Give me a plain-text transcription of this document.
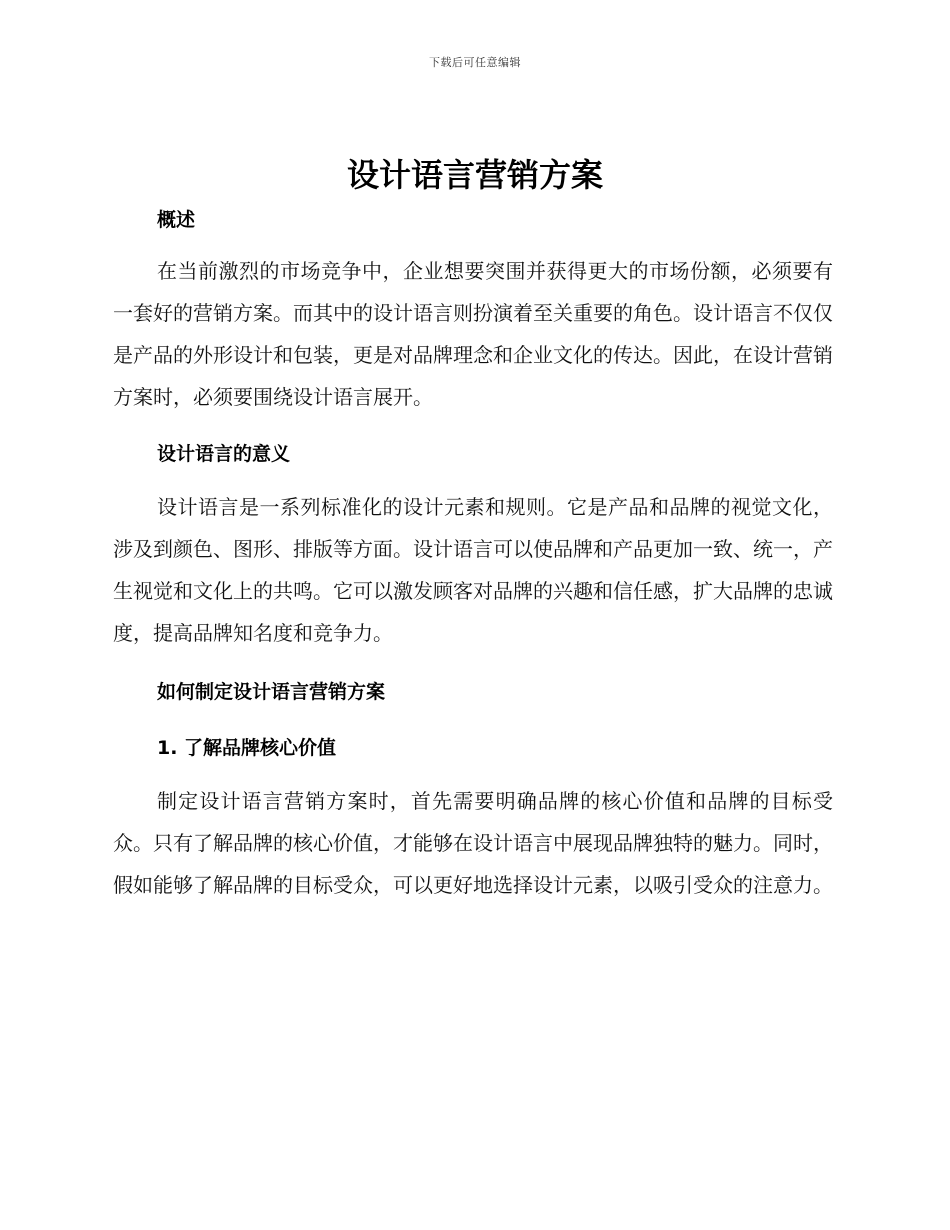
下载后可任意编辑
设计语言营销方案
概述

在当前激烈的市场竞争中，企业想要突围并获得更大的市场份额，必须要有一套好的营销方案。而其中的设计语言则扮演着至关重要的角色。设计语言不仅仅是产品的外形设计和包装，更是对品牌理念和企业文化的传达。因此，在设计营销方案时，必须要围绕设计语言展开。

设计语言的意义

设计语言是一系列标准化的设计元素和规则。它是产品和品牌的视觉文化，涉及到颜色、图形、排版等方面。设计语言可以使品牌和产品更加一致、统一，产生视觉和文化上的共鸣。它可以激发顾客对品牌的兴趣和信任感，扩大品牌的忠诚度，提高品牌知名度和竞争力。

如何制定设计语言营销方案
1. 了解品牌核心价值

制定设计语言营销方案时，首先需要明确品牌的核心价值和品牌的目标受众。只有了解品牌的核心价值，才能够在设计语言中展现品牌独特的魅力。同时，假如能够了解品牌的目标受众，可以更好地选择设计元素，以吸引受众的注意力。
